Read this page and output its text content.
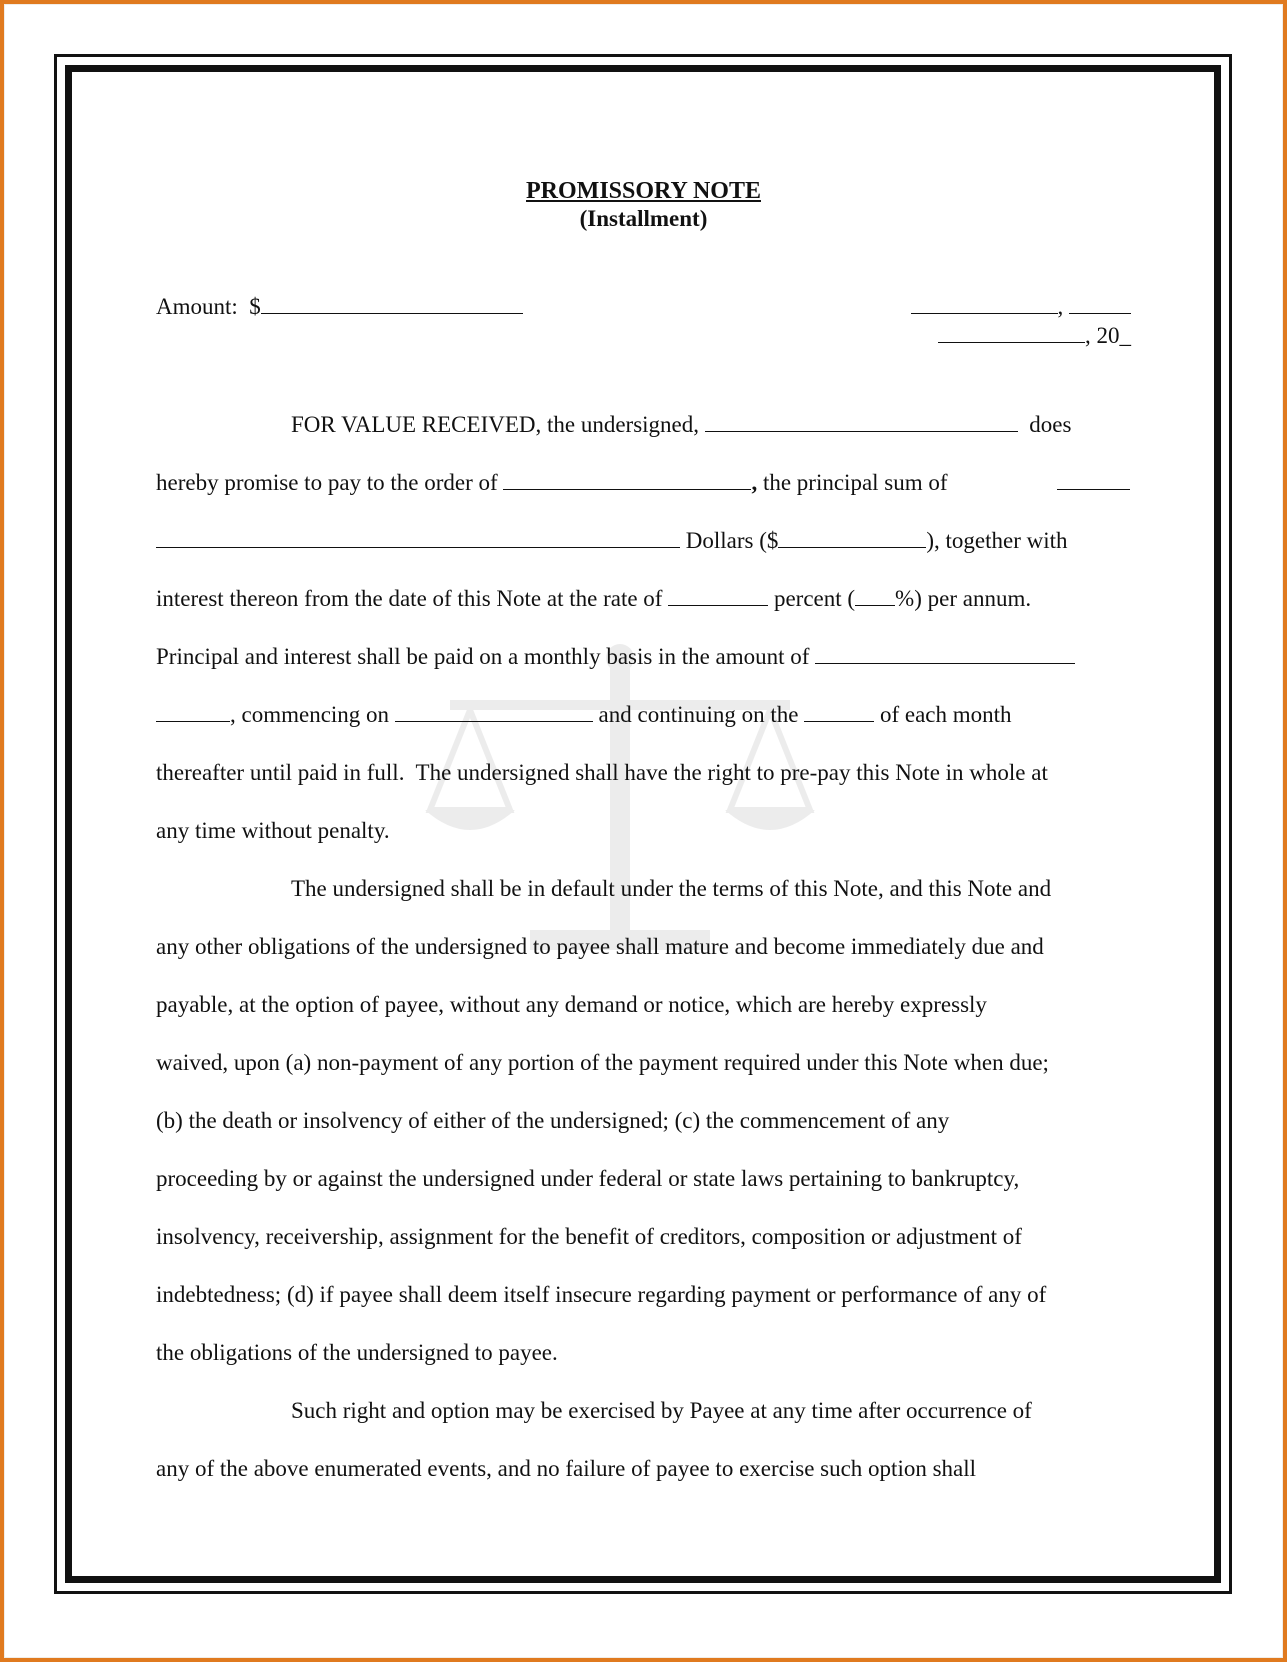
PROMISSORY NOTE
(Installment)
Amount:  $	,
, 20_
FOR VALUE RECEIVED, the undersigned,	does
hereby promise to pay to the order of	, the principal sum of
Dollars ($	), together with
interest thereon from the date of this Note at the rate of	percent ( %) per annum.
Principal and interest shall be paid on a monthly basis in the amount of
, commencing on	and continuing on the	of each month
thereafter until paid in full.  The undersigned shall have the right to pre-pay this Note in whole at
any time without penalty.
The undersigned shall be in default under the terms of this Note, and this Note and
any other obligations of the undersigned to payee shall mature and become immediately due and
payable, at the option of payee, without any demand or notice, which are hereby expressly
waived, upon (a) non-payment of any portion of the payment required under this Note when due;
(b) the death or insolvency of either of the undersigned; (c) the commencement of any
proceeding by or against the undersigned under federal or state laws pertaining to bankruptcy,
insolvency, receivership, assignment for the benefit of creditors, composition or adjustment of
indebtedness; (d) if payee shall deem itself insecure regarding payment or performance of any of
the obligations of the undersigned to payee.
Such right and option may be exercised by Payee at any time after occurrence of
any of the above enumerated events, and no failure of payee to exercise such option shall
